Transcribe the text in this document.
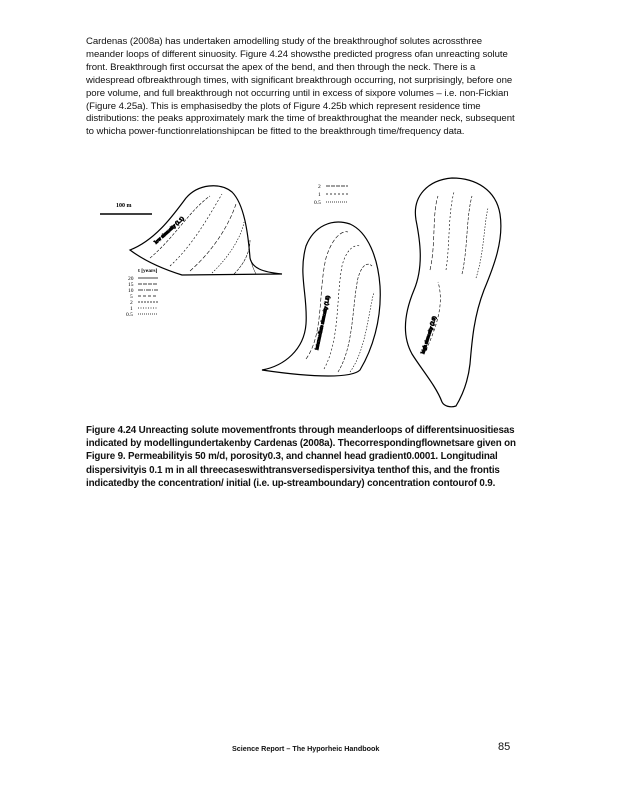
Cardenas (2008a) has undertaken amodelling study of the breakthroughof solutes acrossthree meander loops of different sinuosity. Figure 4.24 showsthe predicted progress ofan unreacting solute front. Breakthrough first occursat the apex of the bend, and then through the neck. There is a widespread ofbreakthrough times, with significant breakthrough occurring, not surprisingly, before one pore volume, and full breakthrough not occurring until in excess of sixpore volumes – i.e. non-Fickian (Figure 4.25a). This is emphasisedby the plots of Figure 4.25b which represent residence time distributions: the peaks approximately mark the time of breakthroughat the meander neck, subsequent to whicha power-functionrelationshipcan be fitted to the breakthrough time/frequency data.

100 m
low sinuosity (1.1)
t [years]
20
15
10
5
2
1
0.5
2
1
0.5
intermediate sinuosity (1.5)	high sinuosity (2.0)

Figure 4.24 Unreacting solute movementfronts through meanderloops of differentsinuositiesas indicated by modellingundertakenby Cardenas (2008a). Thecorrespondingflownetsare given on Figure 9. Permeabilityis 50 m/d, porosity0.3, and channel head gradient0.0001. Longitudinal dispersivityis 0.1 m in all threecaseswithtransversedispersivitya tenthof this, and the frontis indicatedby the concentration/ initial (i.e. up-streamboundary) concentration contourof 0.9.

Science Report – The Hyporheic Handbook	85
